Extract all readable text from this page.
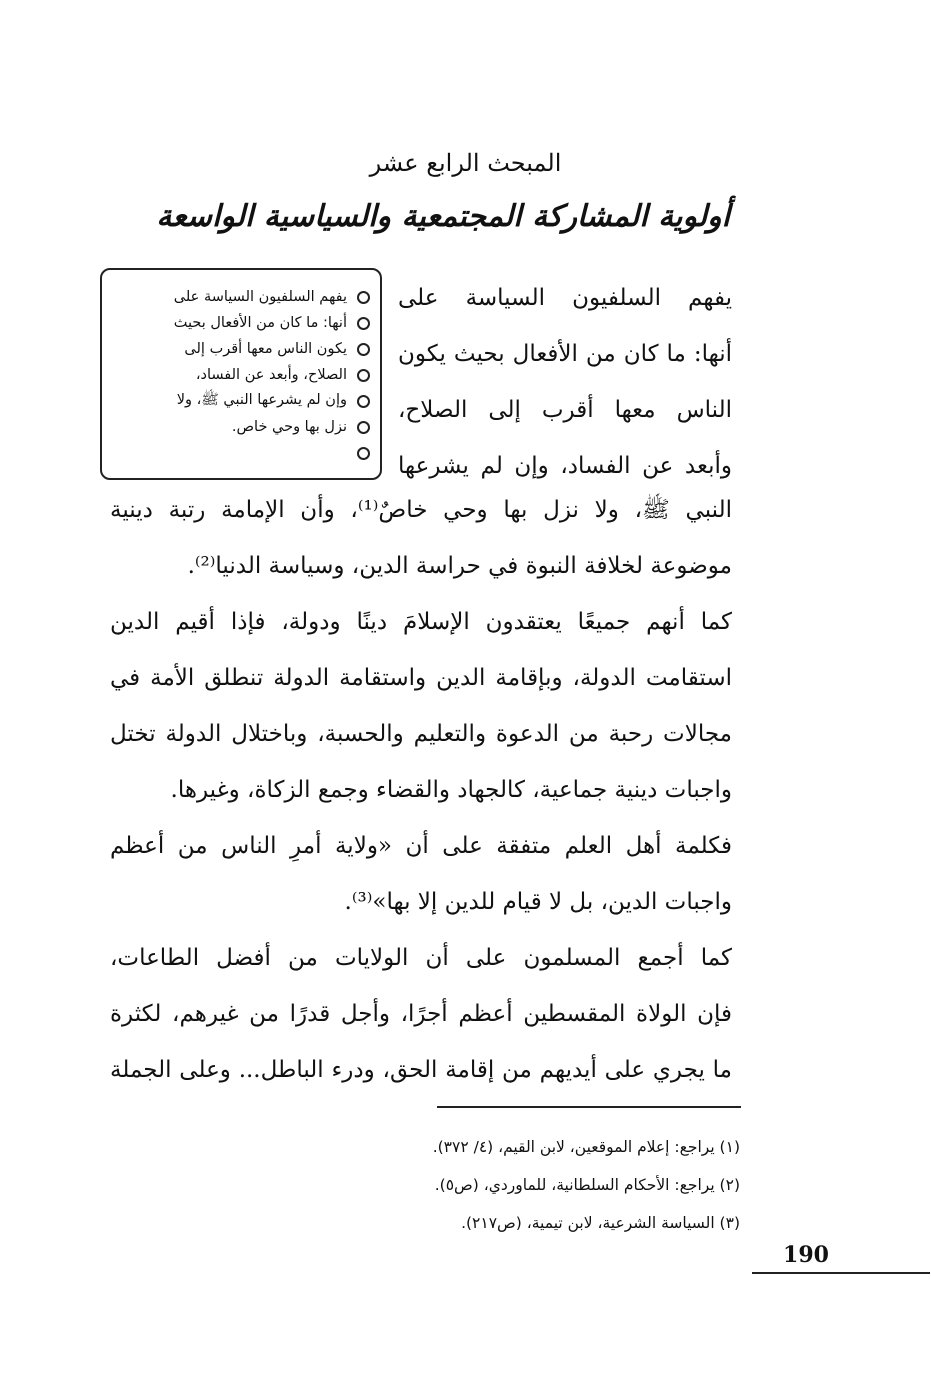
المبحث الرابع عشر
أولوية المشاركة المجتمعية والسياسية الواسعة
يفهم السلفيون السياسة على
أنها: ما كان من الأفعال بحيث
يكون الناس معها أقرب إلى
الصلاح، وأبعد عن الفساد،
وإن لم يشرعها النبي ﷺ، ولا
نزل بها وحي خاص.
يفهم السلفيون السياسة على
أنها: ما كان من الأفعال بحيث يكون
الناس معها أقرب إلى الصلاح،
وأبعد عن الفساد، وإن لم يشرعها
النبي ﷺ، ولا نزل بها وحي خاصٌ⁽¹⁾، وأن الإمامة رتبة دينية
موضوعة لخلافة النبوة في حراسة الدين، وسياسة الدنيا⁽²⁾.
كما أنهم جميعًا يعتقدون الإسلامَ دينًا ودولة، فإذا أقيم الدين
استقامت الدولة، وبإقامة الدين واستقامة الدولة تنطلق الأمة في
مجالات رحبة من الدعوة والتعليم والحسبة، وباختلال الدولة تختل
واجبات دينية جماعية، كالجهاد والقضاء وجمع الزكاة، وغيرها.
فكلمة أهل العلم متفقة على أن «ولاية أمرِ الناس من أعظم
واجبات الدين، بل لا قيام للدين إلا بها»⁽³⁾.
كما أجمع المسلمون على أن الولايات من أفضل الطاعات،
فإن الولاة المقسطين أعظم أجرًا، وأجل قدرًا من غيرهم، لكثرة
ما يجري على أيديهم من إقامة الحق، ودرء الباطل... وعلى الجملة
(١) يراجع: إعلام الموقعين، لابن القيم، (٤/ ٣٧٢).
(٢) يراجع: الأحكام السلطانية، للماوردي، (ص٥).
(٣) السياسة الشرعية، لابن تيمية، (ص٢١٧).
190
